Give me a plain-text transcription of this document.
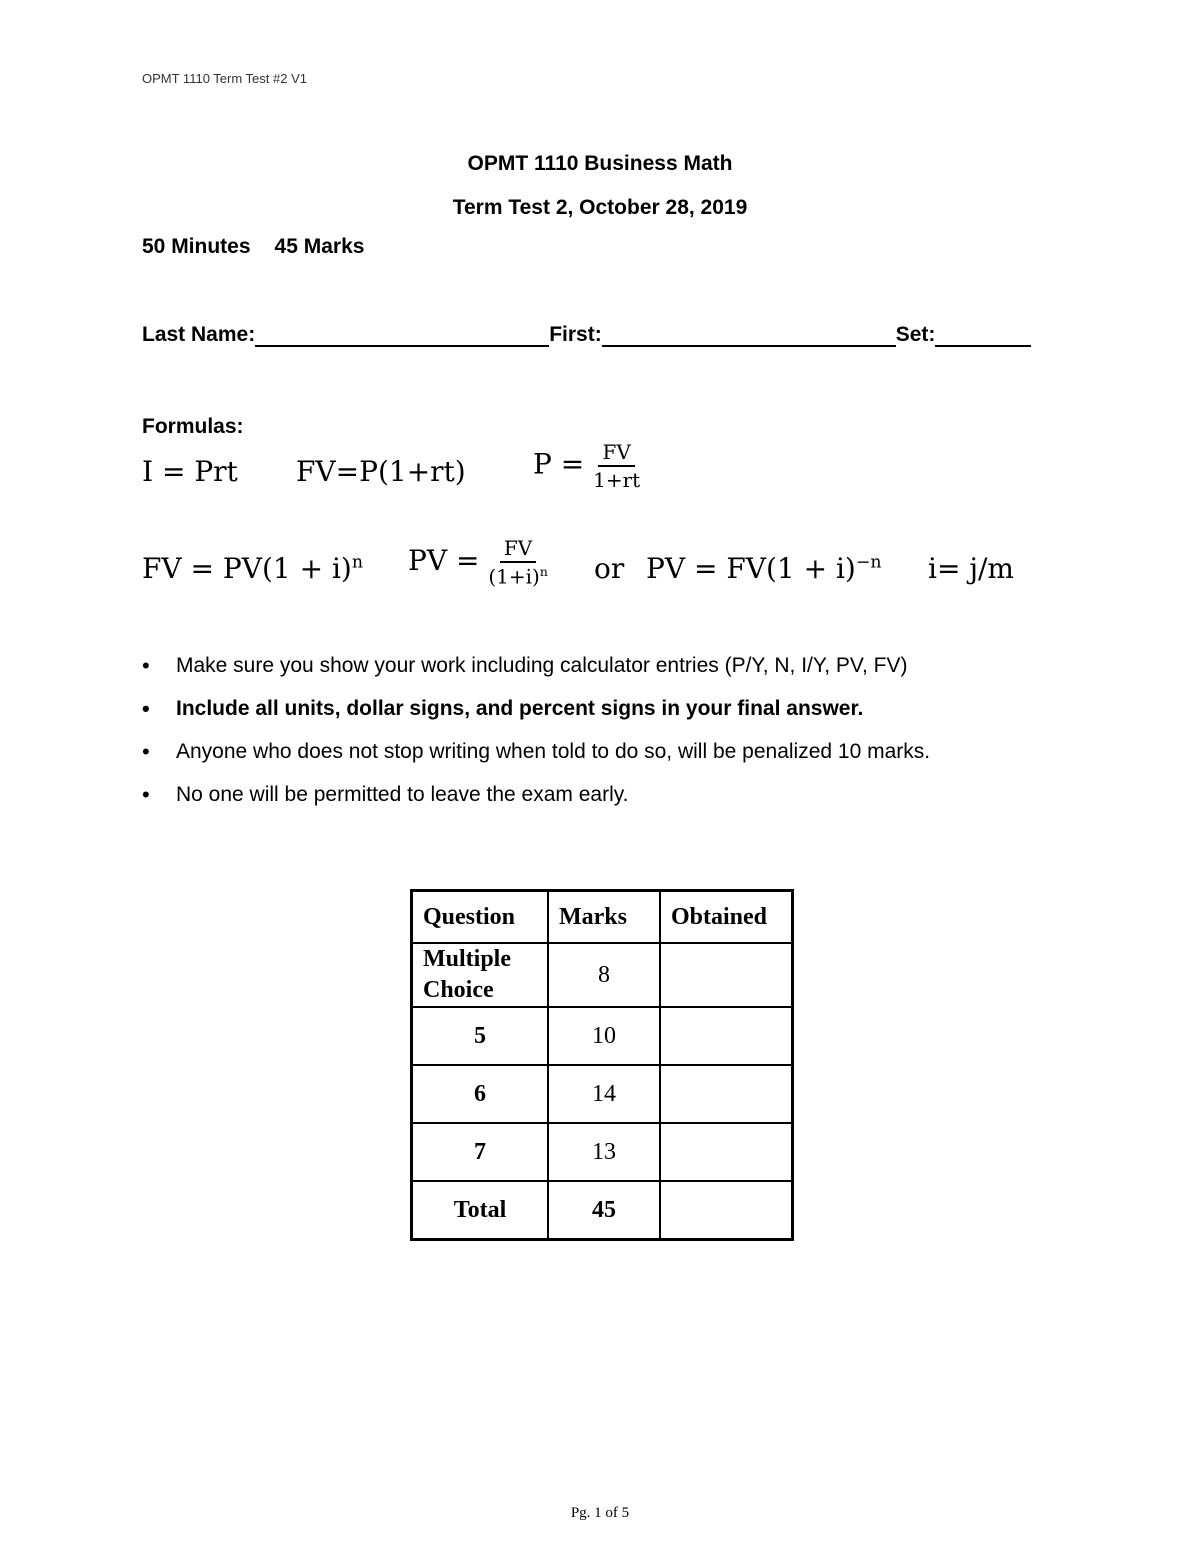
OPMT 1110 Term Test #2 V1
OPMT 1110 Business Math
Term Test 2, October 28, 2019
50 Minutes 45 Marks
Last Name:	First:	Set:
Formulas:
I = Prt FV=P(1+rt) $P = \frac{FV}{1+rt}$
FV = $PV(1 + i)^n$ PV = $\frac{FV}{(1+i)^n}$ or PV = $FV(1 + i)^{-n}$ i= j/m
• Make sure you show your work including calculator entries (P/Y, N, I/Y, PV, FV)
• Include all units, dollar signs, and percent signs in your final answer.
• Anyone who does not stop writing when told to do so, will be penalized 10 marks.
• No one will be permitted to leave the exam early.
Question	Marks	Obtained
Multiple Choice	8	
5	10	
6	14	
7	13	
Total	45	
Pg. 1 of 5
